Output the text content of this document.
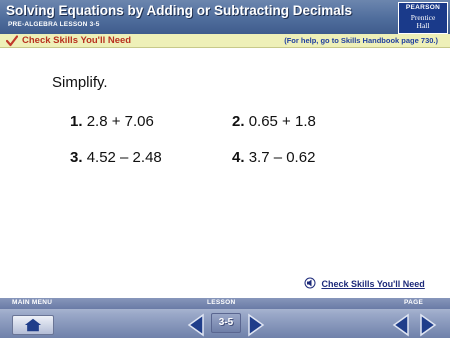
Solving Equations by Adding or Subtracting Decimals
PRE-ALGEBRA LESSON 3-5
PEARSON
Prentice
Hall
Check Skills You'll Need	(For help, go to Skills Handbook page 730.)
Simplify.
1. 2.8 + 7.06	2. 0.65 + 1.8
3. 4.52 – 2.48	4. 3.7 – 0.62
Check Skills You'll Need
MAIN MENU	LESSON	PAGE
3-5
